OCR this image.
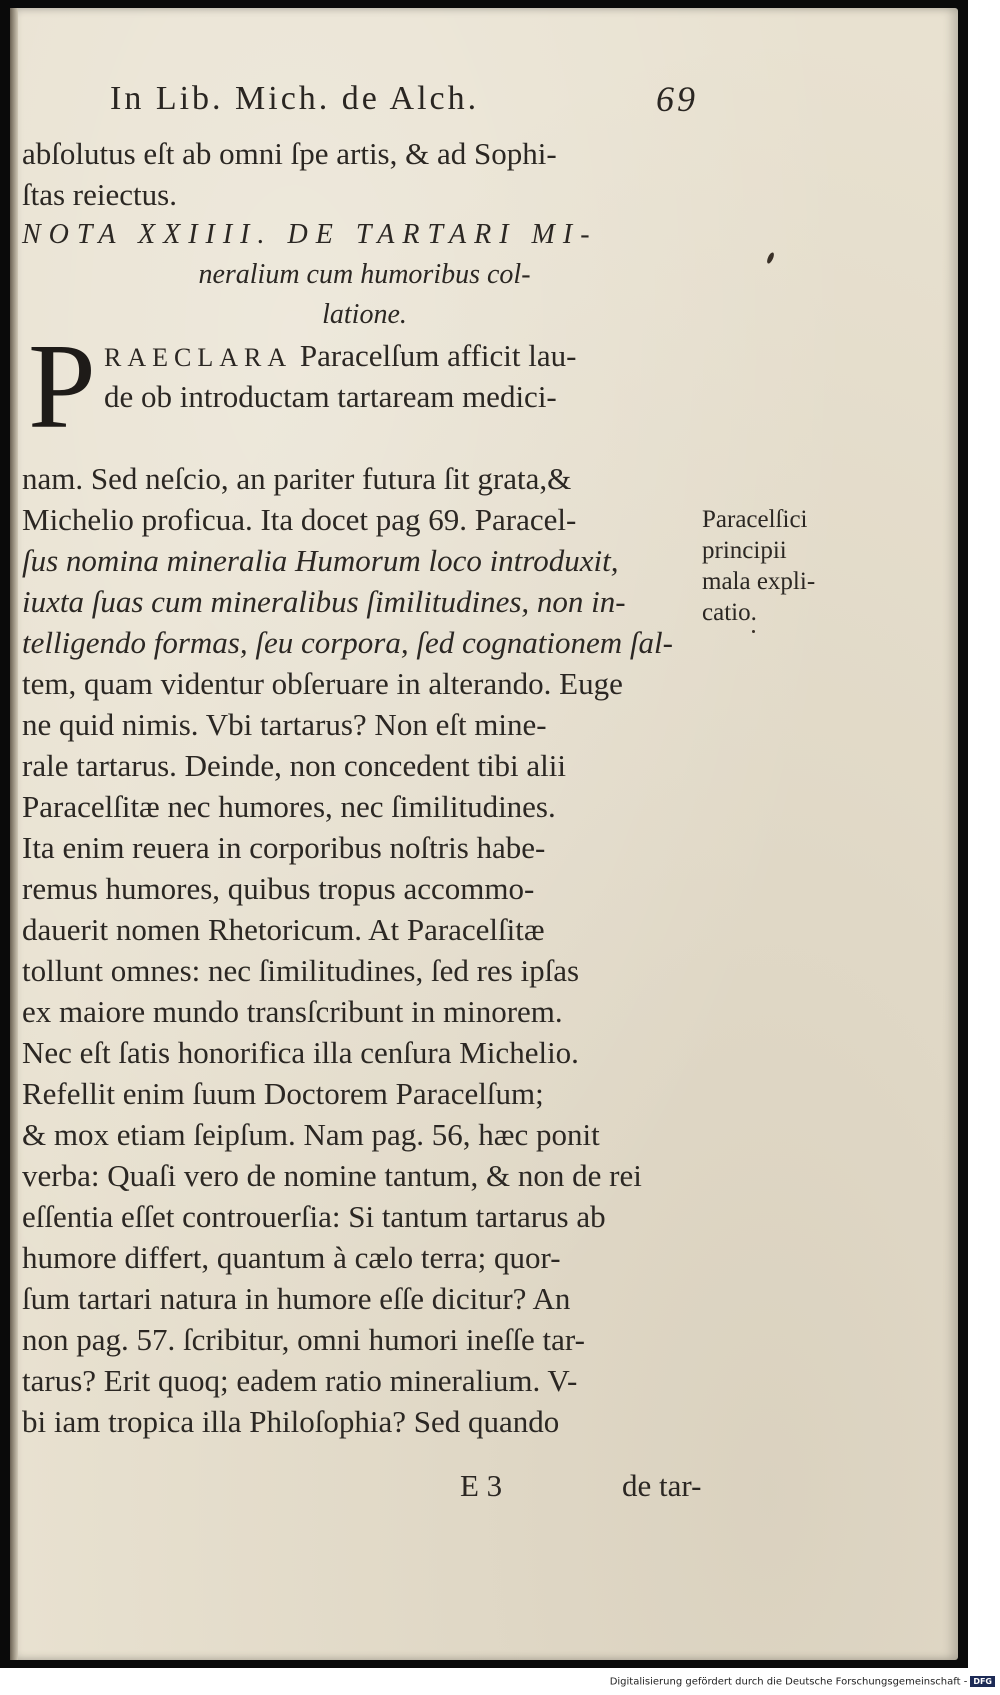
In Lib. Mich. de Alch.	69
abſolutus eſt ab omni ſpe artis, & ad Sophi-
ſtas reiectus.
NOTA XXIIII. DE TARTARI MI-
neralium cum humoribus col-
latione.
P RAECLARA Paracelſum afficit lau-
de ob introductam tartaream medici-
nam. Sed neſcio, an pariter futura ſit grata,&
Michelio proficua. Ita docet pag 69. Paracel-
ſus nomina mineralia Humorum loco introduxit,
iuxta ſuas cum mineralibus ſimilitudines, non in-
telligendo formas, ſeu corpora, ſed cognationem ſal-
tem, quam videntur obſeruare in alterando. Euge
ne quid nimis. Vbi tartarus? Non eſt mine-
rale tartarus. Deinde, non concedent tibi alii
Paracelſitæ nec humores, nec ſimilitudines.
Ita enim reuera in corporibus noſtris habe-
remus humores, quibus tropus accommo-
dauerit nomen Rhetoricum. At Paracelſitæ
tollunt omnes: nec ſimilitudines, ſed res ipſas
ex maiore mundo transſcribunt in minorem.
Nec eſt ſatis honorifica illa cenſura Michelio.
Refellit enim ſuum Doctorem Paracelſum;
& mox etiam ſeipſum. Nam pag. 56, hæc ponit
verba: Quaſi vero de nomine tantum, & non de rei
eſſentia eſſet controuerſia: Si tantum tartarus ab
humore differt, quantum à cælo terra; quor-
ſum tartari natura in humore eſſe dicitur? An
non pag. 57. ſcribitur, omni humori ineſſe tar-
tarus? Erit quoq; eadem ratio mineralium. V-
bi iam tropica illa Philoſophia? Sed quando
Paracelſici
principii
mala expli-
catio.
E 3	de tar-
Digitalisierung gefördert durch die Deutsche Forschungsgemeinschaft - DFG
